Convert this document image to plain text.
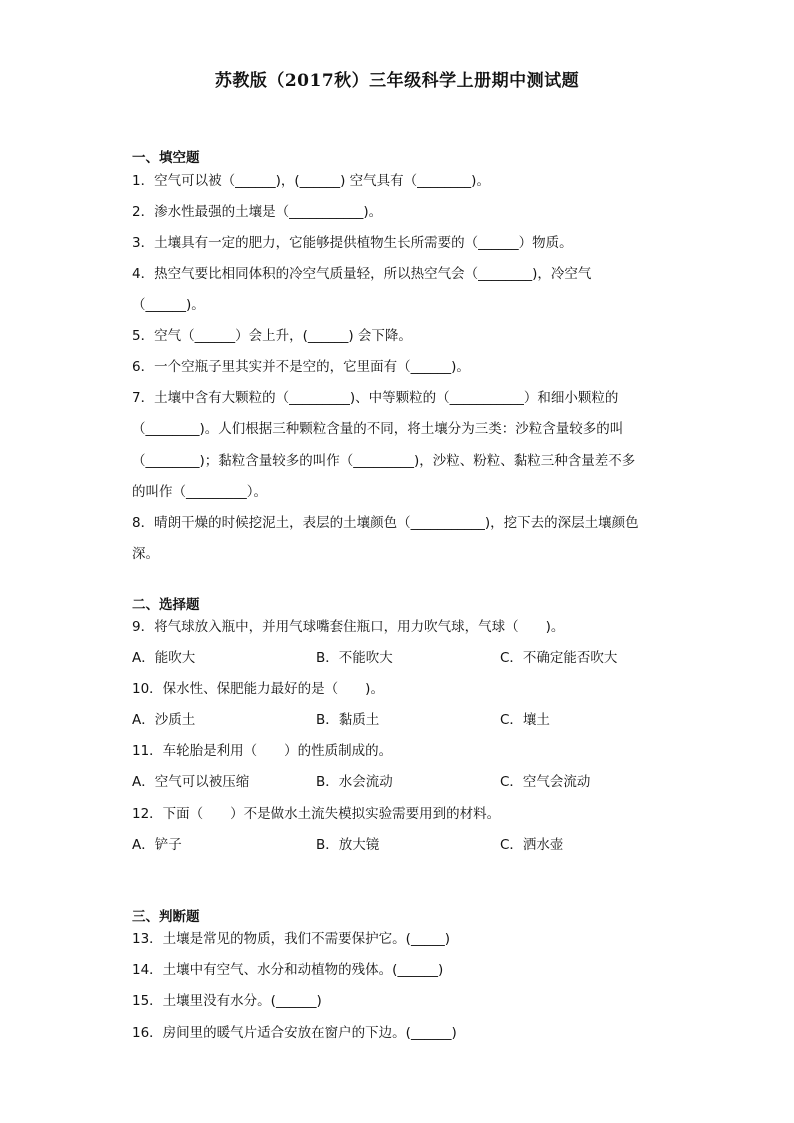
苏教版（2017秋）三年级科学上册期中测试题
一、填空题
1．空气可以被（______)，(______) 空气具有（________)。
2．渗水性最强的土壤是（___________)。
3．土壤具有一定的肥力，它能够提供植物生长所需要的（______）物质。
4．热空气要比相同体积的冷空气质量轻，所以热空气会（________)，冷空气
（______)。
5．空气（______）会上升，(______) 会下降。
6．一个空瓶子里其实并不是空的，它里面有（______)。
7．土壤中含有大颗粒的（_________)、中等颗粒的（___________）和细小颗粒的
（________)。人们根据三种颗粒含量的不同，将土壤分为三类：沙粒含量较多的叫
（________)；黏粒含量较多的叫作（_________)，沙粒、粉粒、黏粒三种含量差不多
的叫作（_________）。
8．晴朗干燥的时候挖泥土，表层的土壤颜色（___________)，挖下去的深层土壤颜色
深。
二、选择题
9．将气球放入瓶中，并用气球嘴套住瓶口，用力吹气球，气球（　　)。
A．能吹大	B．不能吹大	C．不确定能否吹大
10．保水性、保肥能力最好的是（　　)。
A．沙质土	B．黏质土	C．壤土
11．车轮胎是利用（　　）的性质制成的。
A．空气可以被压缩	B．水会流动	C．空气会流动
12．下面（　　）不是做水土流失模拟实验需要用到的材料。
A．铲子	B．放大镜	C．洒水壶
三、判断题
13．土壤是常见的物质，我们不需要保护它。(_____)
14．土壤中有空气、水分和动植物的残体。(______)
15．土壤里没有水分。(______)
16．房间里的暖气片适合安放在窗户的下边。(______)
